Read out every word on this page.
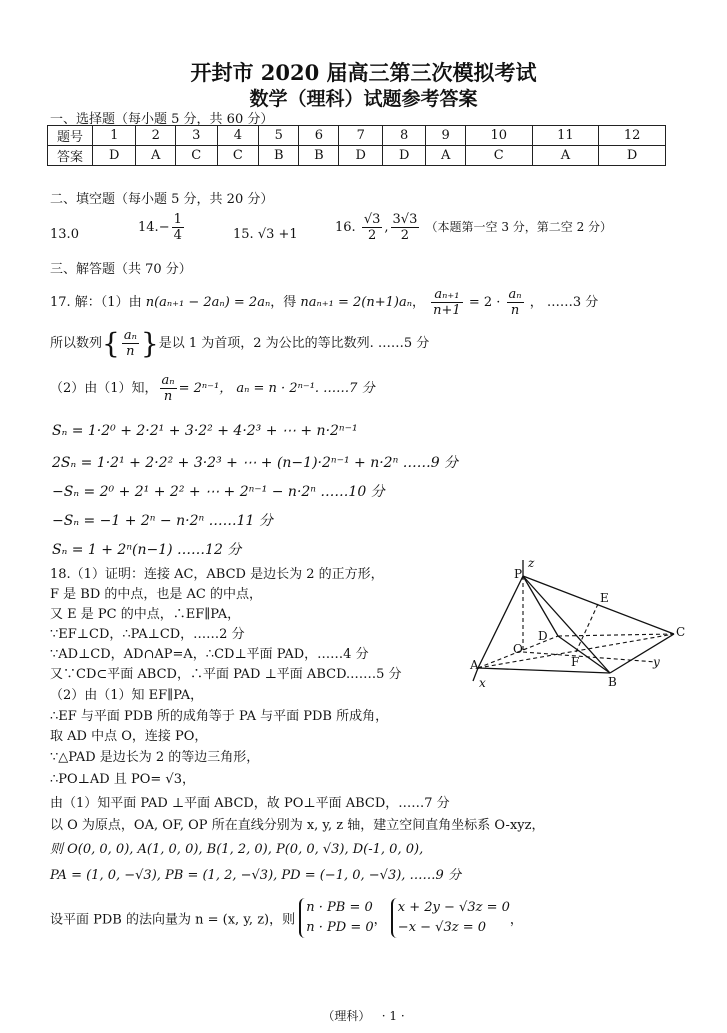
开封市 2020 届高三第三次模拟考试
数学（理科）试题参考答案
一、选择题（每小题 5 分，共 60 分）
题号	1	2	3	4	5	6	7	8	9	10	11	12
答案	D	A	C	C	B	B	D	D	A	C	A	D
二、填空题（每小题 5 分，共 20 分）
13.0	$14.- \frac{1}{4}$	15. √3 +1	16. $\frac{√3}{2}$ , $\frac{3√3}{2}$ （本题第一空 3 分，第二空 2 分）
三、解答题（共 70 分）
17. 解：（1）由 n(aₙ₊₁ − 2aₙ) = 2aₙ，得 naₙ₊₁ = 2(n+1)aₙ， $\frac{\text{aₙ₊₁}}{n+1} = 2 \cdot \frac{\text{aₙ}}{n}$ ， ……3 分
所以数列{ $\frac{\text{aₙ}}{n}$ }是以 1 为首项，2 为公比的等比数列. ……5 分
（2）由（1）知， $\frac{\text{aₙ}}{n} = 2^{n-1}$， aₙ = n · 2ⁿ⁻¹. ……7 分
Sₙ = 1·2⁰ + 2·2¹ + 3·2² + 4·2³ + ⋯ + n·2ⁿ⁻¹
2Sₙ = 1·2¹ + 2·2² + 3·2³ + ⋯ + (n−1)·2ⁿ⁻¹ + n·2ⁿ ……9 分
−Sₙ = 2⁰ + 2¹ + 2² + ⋯ + 2ⁿ⁻¹ − n·2ⁿ ……10 分
−Sₙ = −1 + 2ⁿ − n·2ⁿ ……11 分
Sₙ = 1 + 2ⁿ(n−1) ……12 分
18.（1）证明：连接 AC，ABCD 是边长为 2 的正方形，
F 是 BD 的中点，也是 AC 的中点，
又 E 是 PC 的中点，∴EF∥PA，
∵EF⊥CD，∴PA⊥CD，……2 分
∵AD⊥CD，AD∩AP=A，∴CD⊥平面 PAD，……4 分
又∵CD⊂平面 ABCD，∴平面 PAD ⊥平面 ABCD.……5 分
（2）由（1）知 EF∥PA，
∴EF 与平面 PDB 所的成角等于 PA 与平面 PDB 所成角，
取 AD 中点 O，连接 PO，
∵△PAD 是边长为 2 的等边三角形，
∴PO⊥AD 且 PO= √3，
由（1）知平面 PAD ⊥平面 ABCD，故 PO⊥平面 ABCD，……7 分
以 O 为原点，OA, OF, OP 所在直线分别为 x, y, z 轴，建立空间直角坐标系 O-xyz，
则 O(0, 0, 0), A(1, 0, 0), B(1, 2, 0), P(0, 0, √3), D(-1, 0, 0),
PA = (1, 0, −√3), PB = (1, 2, −√3), PD = (−1, 0, −√3), ……9 分
设平面 PDB 的法向量为 n = (x, y, z)，则
n · PB = 0
n · PD = 0 ，
x + 2y − √3z = 0
−x − √3z = 0	，
P
z
E
C
D
O
F	y
A
x	B
（理科） · 1 ·
